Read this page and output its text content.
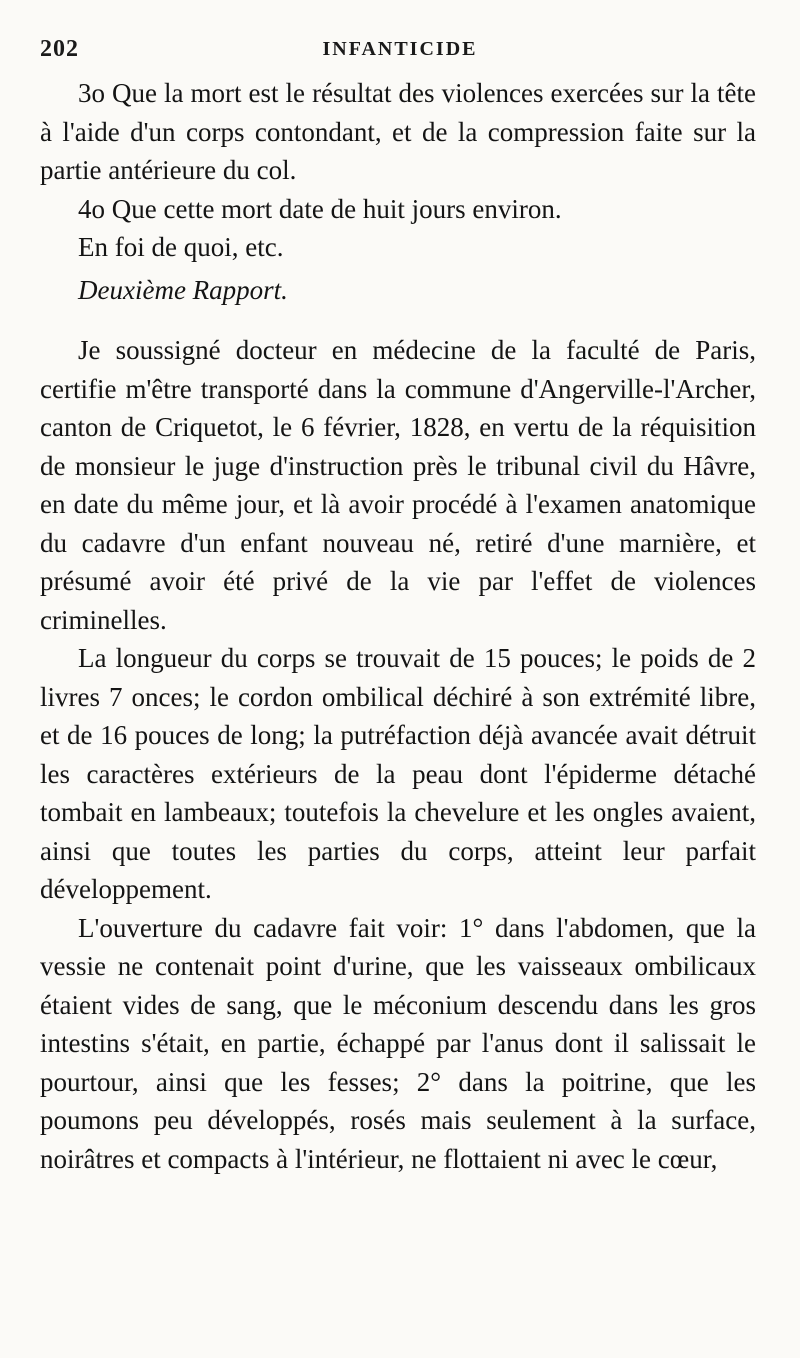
202	INFANTICIDE

3o Que la mort est le résultat des violences exercées sur la tête à l'aide d'un corps contondant, et de la compression faite sur la partie antérieure du col.

4o Que cette mort date de huit jours environ.

En foi de quoi, etc.

Deuxième Rapport.

Je soussigné docteur en médecine de la faculté de Paris, certifie m'être transporté dans la commune d'Angerville-l'Archer, canton de Criquetot, le 6 février, 1828, en vertu de la réquisition de monsieur le juge d'instruction près le tribunal civil du Hâvre, en date du même jour, et là avoir procédé à l'examen anatomique du cadavre d'un enfant nouveau né, retiré d'une marnière, et présumé avoir été privé de la vie par l'effet de violences criminelles.

La longueur du corps se trouvait de 15 pouces; le poids de 2 livres 7 onces; le cordon ombilical déchiré à son extrémité libre, et de 16 pouces de long; la putréfaction déjà avancée avait détruit les caractères extérieurs de la peau dont l'épiderme détaché tombait en lambeaux; toutefois la chevelure et les ongles avaient, ainsi que toutes les parties du corps, atteint leur parfait développement.

L'ouverture du cadavre fait voir: 1° dans l'abdomen, que la vessie ne contenait point d'urine, que les vaisseaux ombilicaux étaient vides de sang, que le méconium descendu dans les gros intestins s'était, en partie, échappé par l'anus dont il salissait le pourtour, ainsi que les fesses; 2° dans la poitrine, que les poumons peu développés, rosés mais seulement à la surface, noirâtres et compacts à l'intérieur, ne flottaient ni avec le cœur,
